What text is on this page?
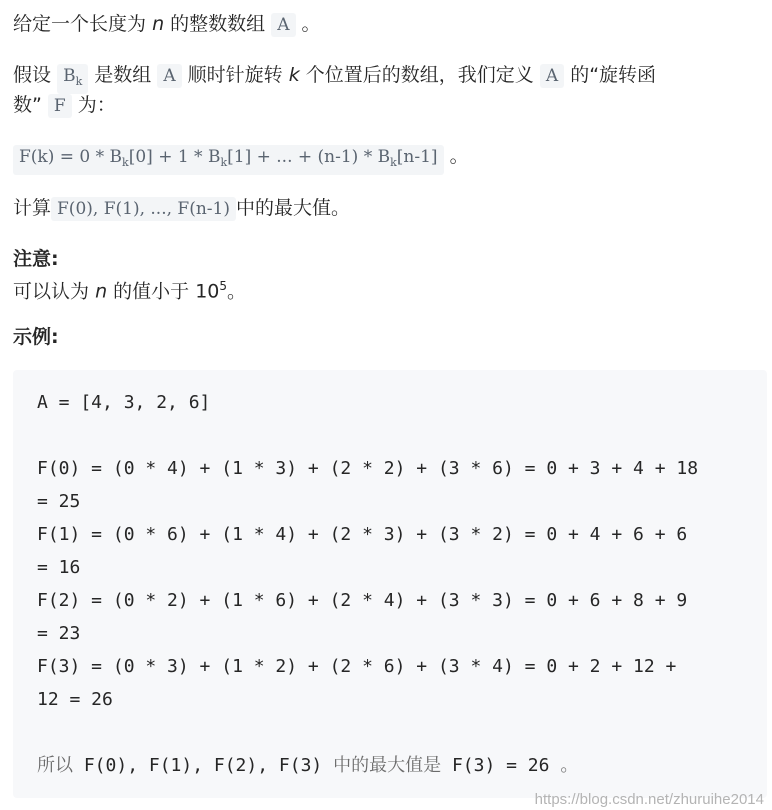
给定一个长度为 n 的整数数组 A 。
假设 $B_k$ 是数组 A 顺时针旋转 k 个位置后的数组，我们定义 A 的“旋转函
数” F 为：
$F(k) = 0 * B_k[0] + 1 * B_k[1]$ + ... + $(n-1) * B_k[n-1]$ 。
计算 F(0), F(1), ..., F(n-1) 中的最大值。
注意:
可以认为 n 的值小于 $10^5$。
示例:
A = [4, 3, 2, 6]
F(0) = (0 * 4) + (1 * 3) + (2 * 2) + (3 * 6) = 0 + 3 + 4 + 18
= 25
F(1) = (0 * 6) + (1 * 4) + (2 * 3) + (3 * 2) = 0 + 4 + 6 + 6
= 16
F(2) = (0 * 2) + (1 * 6) + (2 * 4) + (3 * 3) = 0 + 6 + 8 + 9
= 23
F(3) = (0 * 3) + (1 * 2) + (2 * 6) + (3 * 4) = 0 + 2 + 12 +
12 = 26
所以 F(0), F(1), F(2), F(3) 中的最大值是 F(3) = 26 。
https://blog.csdn.net/zhuruihe2014
